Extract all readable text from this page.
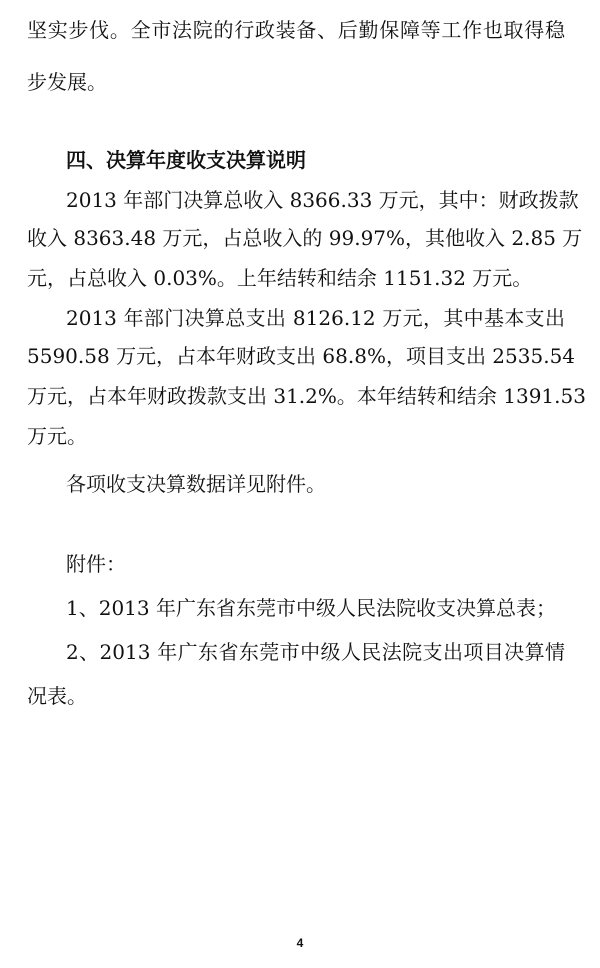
坚实步伐。全市法院的行政装备、后勤保障等工作也取得稳
步发展。
四、决算年度收支决算说明
2013 年部门决算总收入 8366.33 万元，其中：财政拨款
收入 8363.48 万元，占总收入的 99.97%，其他收入 2.85 万
元，占总收入 0.03%。上年结转和结余 1151.32 万元。
2013 年部门决算总支出 8126.12 万元，其中基本支出
5590.58 万元，占本年财政支出 68.8%，项目支出 2535.54
万元，占本年财政拨款支出 31.2%。本年结转和结余 1391.53
万元。
各项收支决算数据详见附件。
附件：
1、2013 年广东省东莞市中级人民法院收支决算总表；
2、2013 年广东省东莞市中级人民法院支出项目决算情
况表。
4
